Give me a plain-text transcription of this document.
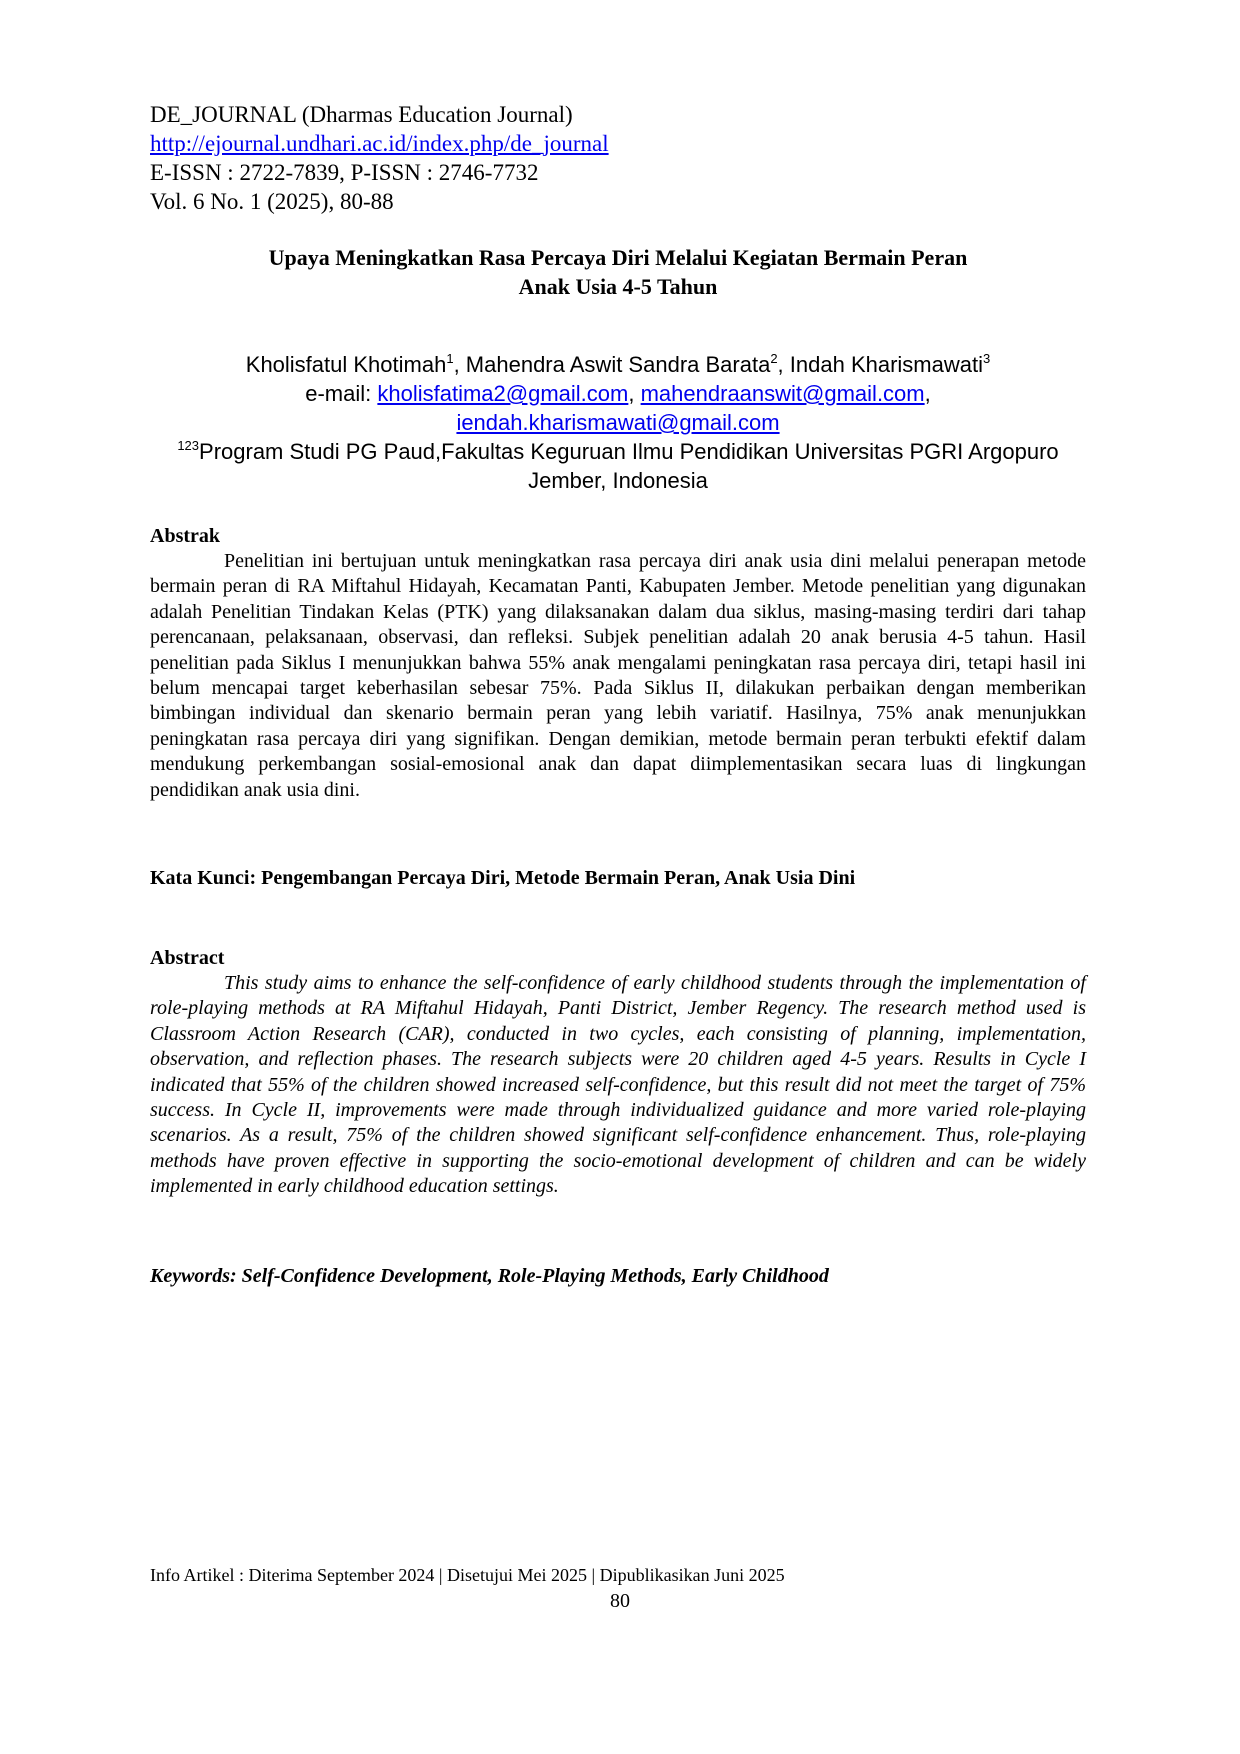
DE_JOURNAL (Dharmas Education Journal)
http://ejournal.undhari.ac.id/index.php/de_journal
E-ISSN : 2722-7839, P-ISSN : 2746-7732
Vol. 6 No. 1 (2025), 80-88
Upaya Meningkatkan Rasa Percaya Diri Melalui Kegiatan Bermain Peran
Anak Usia 4-5 Tahun
Kholisfatul Khotimah$^1$, Mahendra Aswit Sandra Barata$^2$, Indah Kharismawati$^3$
e-mail: kholisfatima2@gmail.com, mahendraanswit@gmail.com,
iendah.kharismawati@gmail.com
$^{123}$Program Studi PG Paud,Fakultas Keguruan Ilmu Pendidikan Universitas PGRI Argopuro
Jember, Indonesia

Abstrak

Penelitian ini bertujuan untuk meningkatkan rasa percaya diri anak usia dini melalui penerapan metode bermain peran di RA Miftahul Hidayah, Kecamatan Panti, Kabupaten Jember. Metode penelitian yang digunakan adalah Penelitian Tindakan Kelas (PTK) yang dilaksanakan dalam dua siklus, masing-masing terdiri dari tahap perencanaan, pelaksanaan, observasi, dan refleksi. Subjek penelitian adalah 20 anak berusia 4-5 tahun. Hasil penelitian pada Siklus I menunjukkan bahwa 55% anak mengalami peningkatan rasa percaya diri, tetapi hasil ini belum mencapai target keberhasilan sebesar 75%. Pada Siklus II, dilakukan perbaikan dengan memberikan bimbingan individual dan skenario bermain peran yang lebih variatif. Hasilnya, 75% anak menunjukkan peningkatan rasa percaya diri yang signifikan. Dengan demikian, metode bermain peran terbukti efektif dalam mendukung perkembangan sosial-emosional anak dan dapat diimplementasikan secara luas di lingkungan pendidikan anak usia dini.

Kata Kunci: Pengembangan Percaya Diri, Metode Bermain Peran, Anak Usia Dini

Abstract

This study aims to enhance the self-confidence of early childhood students through the implementation of role-playing methods at RA Miftahul Hidayah, Panti District, Jember Regency. The research method used is Classroom Action Research (CAR), conducted in two cycles, each consisting of planning, implementation, observation, and reflection phases. The research subjects were 20 children aged 4-5 years. Results in Cycle I indicated that 55% of the children showed increased self-confidence, but this result did not meet the target of 75% success. In Cycle II, improvements were made through individualized guidance and more varied role-playing scenarios. As a result, 75% of the children showed significant self-confidence enhancement. Thus, role-playing methods have proven effective in supporting the socio-emotional development of children and can be widely implemented in early childhood education settings.

Keywords: Self-Confidence Development, Role-Playing Methods, Early Childhood
Info Artikel : Diterima September 2024 | Disetujui Mei 2025 | Dipublikasikan Juni 2025
80
